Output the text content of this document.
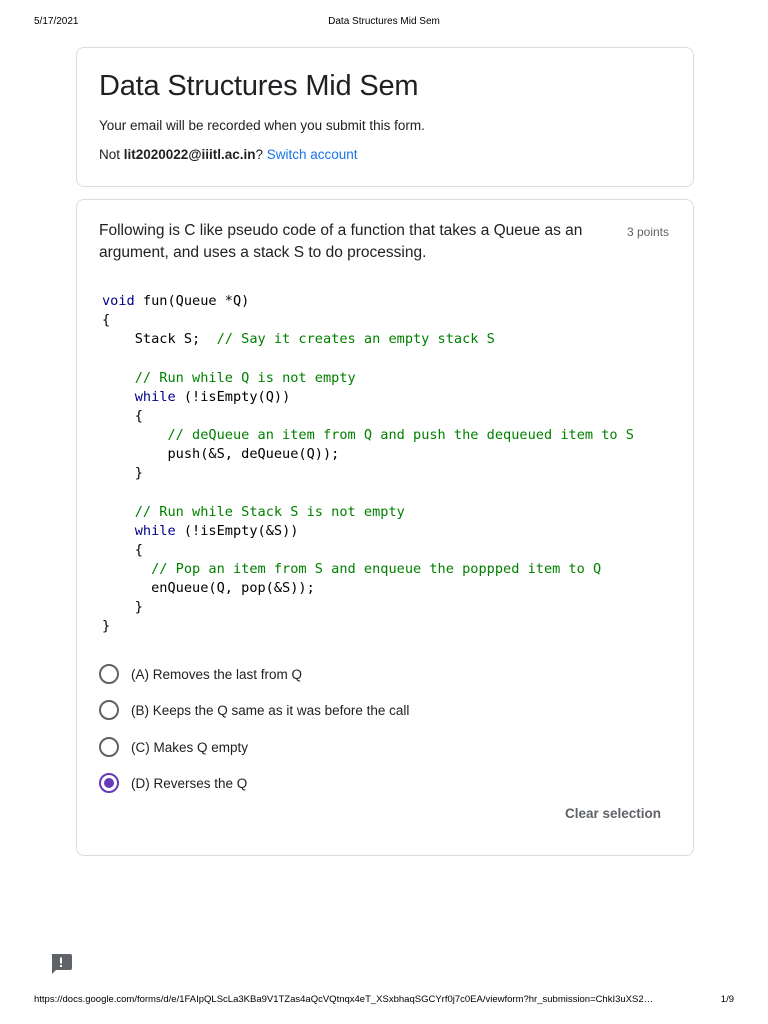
5/17/2021	Data Structures Mid Sem
Data Structures Mid Sem
Your email will be recorded when you submit this form.
Not lit2020022@iiitl.ac.in? Switch account

Following is C like pseudo code of a function that takes a Queue as an argument, and uses a stack S to do processing.

3 points
void fun(Queue *Q)
{
Stack S;  // Say it creates an empty stack S
// Run while Q is not empty
while (!isEmpty(Q))
{
// deQueue an item from Q and push the dequeued item to S
push(&S, deQueue(Q));
}
// Run while Stack S is not empty
while (!isEmpty(&S))
{
// Pop an item from S and enqueue the poppped item to Q
enQueue(Q, pop(&S));
}
}
(A) Removes the last from Q
(B) Keeps the Q same as it was before the call
(C) Makes Q empty
(D) Reverses the Q
Clear selection
https://docs.google.com/forms/d/e/1FAIpQLScLa3KBa9V1TZas4aQcVQtnqx4eT_XSxbhaqSGCYrf0j7c0EA/viewform?hr_submission=ChkI3uXS2…	1/9
